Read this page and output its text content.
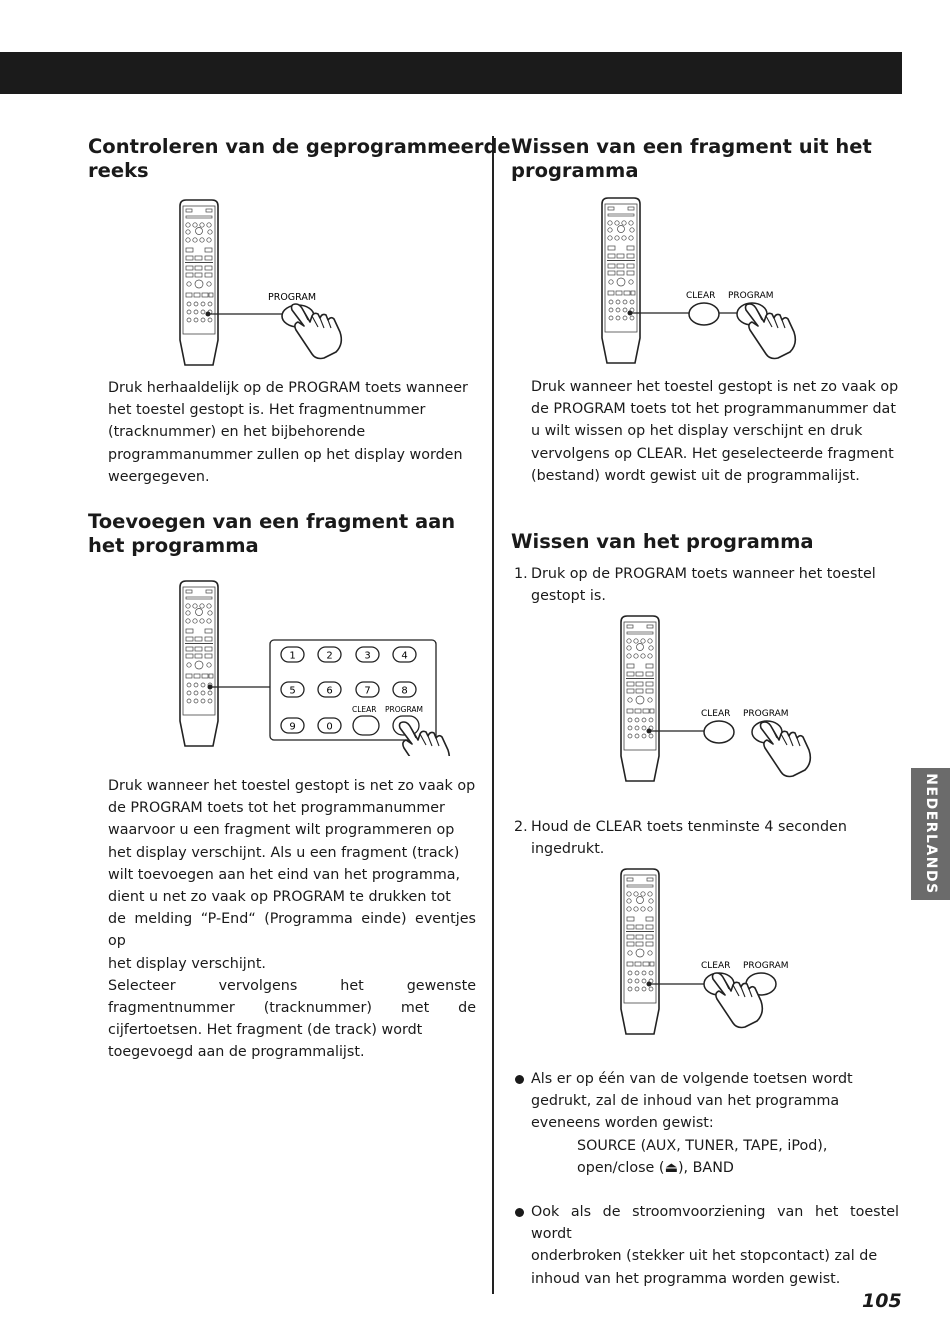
Controleren van de geprogrammeerde
reeks
PROGRAM
Druk herhaaldelijk op de PROGRAM toets wanneer
het toestel gestopt is. Het fragmentnummer
(tracknummer) en het bijbehorende
programmanummer zullen op het display worden
weergegeven.
Toevoegen van een fragment aan
het programma
1	2	3	4
5	6	7	8
9	0
CLEAR PROGRAM
Druk wanneer het toestel gestopt is net zo vaak op
de PROGRAM toets tot het programmanummer
waarvoor u een fragment wilt programmeren op
het display verschijnt. Als u een fragment (track)
wilt toevoegen aan het eind van het programma,
dient u net zo vaak op PROGRAM te drukken tot
de melding “P-End“ (Programma einde) eventjes op
het display verschijnt.
Selecteer vervolgens het gewenste
fragmentnummer (tracknummer) met de
cijfertoetsen. Het fragment (de track) wordt
toegevoegd aan de programmalijst.
Wissen van een fragment uit het
programma
CLEAR PROGRAM
Druk wanneer het toestel gestopt is net zo vaak op
de PROGRAM toets tot het programmanummer dat
u wilt wissen op het display verschijnt en druk
vervolgens op CLEAR. Het geselecteerde fragment
(bestand) wordt gewist uit de programmalijst.
Wissen van het programma
1. Druk op de PROGRAM toets wanneer het toestel
gestopt is.
CLEAR PROGRAM
2. Houd de CLEAR toets tenminste 4 seconden
ingedrukt.
CLEAR PROGRAM
Als er op één van de volgende toetsen wordt
gedrukt, zal de inhoud van het programma
eveneens worden gewist:
SOURCE (AUX, TUNER, TAPE, iPod),
open/close (⏏), BAND
Ook als de stroomvoorziening van het toestel wordt
onderbroken (stekker uit het stopcontact) zal de
inhoud van het programma worden gewist.
NEDERLANDS
105
